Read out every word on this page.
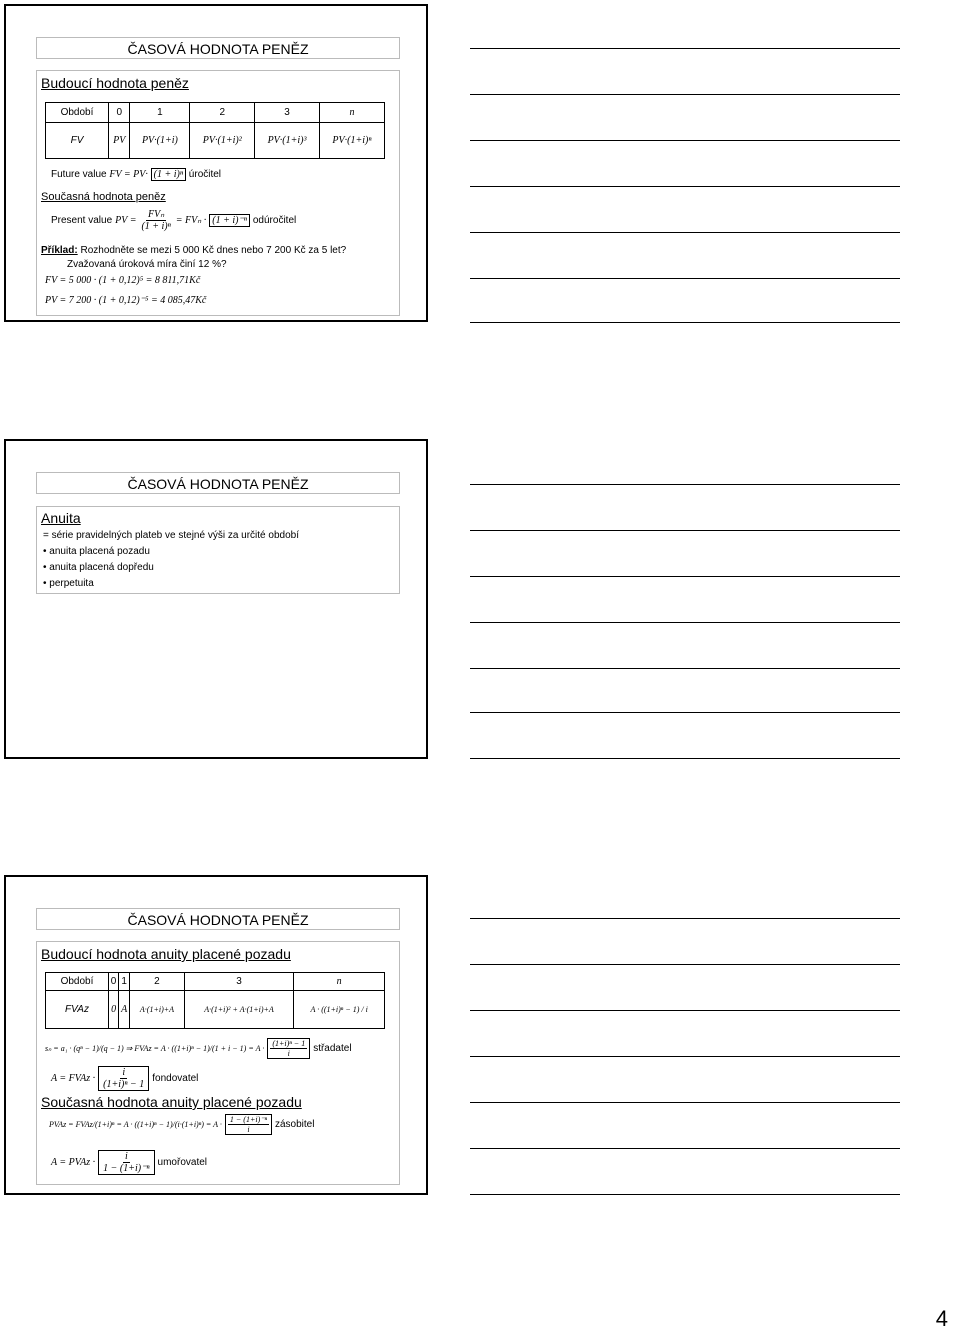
ČASOVÁ HODNOTA PENĚZ
Budoucí hodnota peněz
Období	0	1	2	3	n
FV	PV	PV·(1+i)	PV·(1+i)²	PV·(1+i)³	PV·(1+i)ⁿ
Future value FV = PV· (1 + i)ⁿ úročitel
Současná hodnota peněz
Present value PV = $\frac{\text{FVₙ}}{\text{(1 + i)ⁿ}} = FV_n \cdot (1 + i)^{-n}$ odúročitel
Příklad: Rozhodněte se mezi 5 000 Kč dnes nebo 7 200 Kč za 5 let?
Zvažovaná úroková míra činí 12 %?
FV = 5 000 · (1 + 0,12)⁵ = 8 811,71Kč
PV = 7 200 · (1 + 0,12)⁻⁵ = 4 085,47Kč
ČASOVÁ HODNOTA PENĚZ
Anuita
= série pravidelných plateb ve stejné výši za určité období
• anuita placená pozadu
• anuita placená dopředu
• perpetuita
ČASOVÁ HODNOTA PENĚZ
Budoucí hodnota anuity placené pozadu
Období	0	1	2	3	n
FVAz	0	A	A·(1+i)+A	A·(1+i)² + A·(1+i)+A	A · ((1+i)ⁿ − 1) / i
sₙ = a₁ · (qⁿ − 1)/(q − 1) ⇒ FVAz = $A \cdot ((1+i)^n - 1)/(1 + i - 1) = A \cdot \frac{\text{(1+i)ⁿ − 1}}{i}$ střadatel
A = FVAz · $\frac{i}{\text{(1+i)ⁿ − 1}}$ fondovatel
Současná hodnota anuity placené pozadu
PVAz = FVAz/(1+i)ⁿ = $A \cdot ((1+i)^n - 1)/(i\cdot(1+i)^n) = A \cdot \frac{\text{1 − (1+i)⁻ⁿ}}{i}$ zásobitel
A = PVAz · $\frac{i}{\text{1 − (1+i)⁻ⁿ}}$ umořovatel
4
